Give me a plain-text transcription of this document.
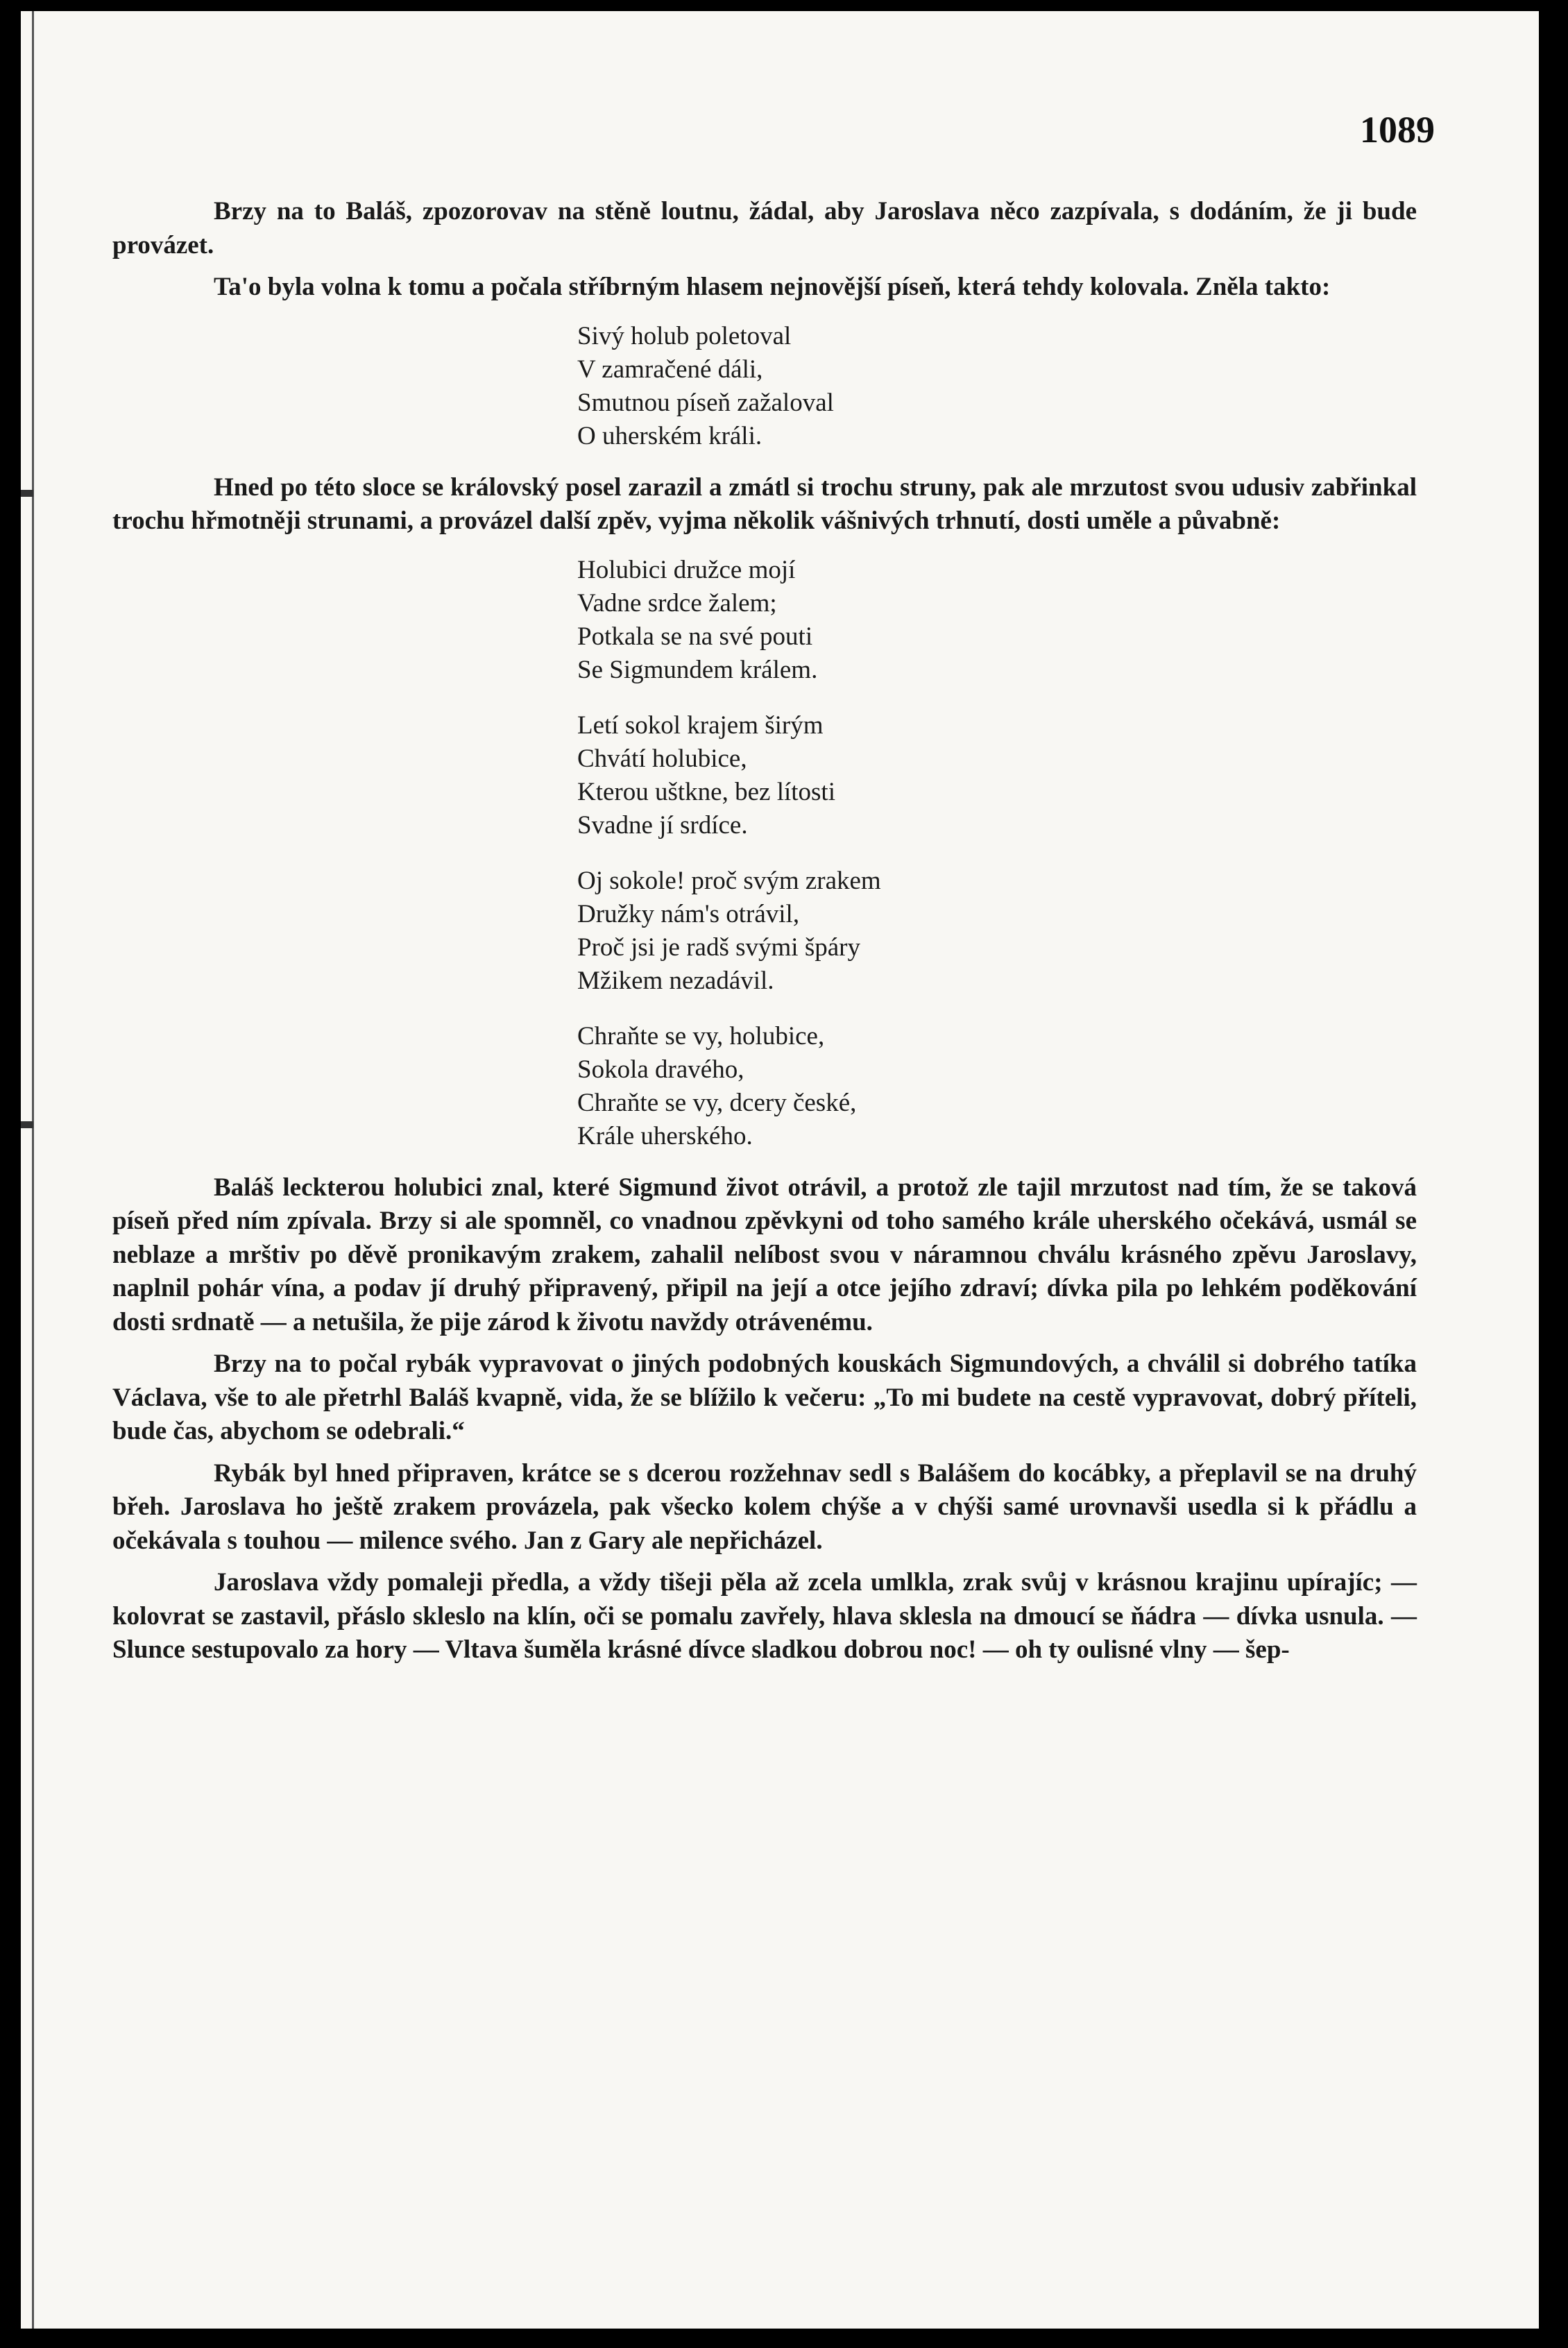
1089

Brzy na to Baláš, zpozorovav na stěně loutnu, žádal, aby Jaroslava něco zazpívala, s dodáním, že ji bude provázet.

Ta'o byla volna k tomu a počala stříbrným hlasem nejnovější píseň, která tehdy kolovala. Zněla takto:

Sivý holub poletoval
V zamračené dáli,
Smutnou píseň zažaloval
O uherském králi.

Hned po této sloce se královský posel zarazil a zmátl si trochu struny, pak ale mrzutost svou udusiv zabřinkal trochu hřmotněji strunami, a provázel další zpěv, vyjma několik vášnivých trhnutí, dosti uměle a půvabně:

Holubici družce mojí
Vadne srdce žalem;
Potkala se na své pouti
Se Sigmundem králem.
Letí sokol krajem širým
Chvátí holubice,
Kterou uštkne, bez lítosti
Svadne jí srdíce.
Oj sokole! proč svým zrakem
Družky nám's otrávil,
Proč jsi je radš svými špáry
Mžikem nezadávil.
Chraňte se vy, holubice,
Sokola dravého,
Chraňte se vy, dcery české,
Krále uherského.

Baláš leckterou holubici znal, které Sigmund život otrávil, a protož zle tajil mrzutost nad tím, že se taková píseň před ním zpívala. Brzy si ale spomněl, co vnadnou zpěvkyni od toho samého krále uherského očekává, usmál se neblaze a mrštiv po děvě pronikavým zrakem, zahalil nelíbost svou v náramnou chválu krásného zpěvu Jaroslavy, naplnil pohár vína, a podav jí druhý připravený, připil na její a otce jejího zdraví; dívka pila po lehkém poděkování dosti srdnatě — a netušila, že pije zárod k životu navždy otrávenému.

Brzy na to počal rybák vypravovat o jiných podobných kouskách Sigmundových, a chválil si dobrého tatíka Václava, vše to ale přetrhl Baláš kvapně, vida, že se blížilo k večeru: „To mi budete na cestě vypravovat, dobrý příteli, bude čas, abychom se odebrali.“

Rybák byl hned připraven, krátce se s dcerou rozžehnav sedl s Balášem do kocábky, a přeplavil se na druhý břeh. Jaroslava ho ještě zrakem provázela, pak všecko kolem chýše a v chýši samé urovnavši usedla si k přádlu a očekávala s touhou — milence svého. Jan z Gary ale nepřicházel.

Jaroslava vždy pomaleji předla, a vždy tišeji pěla až zcela umlkla, zrak svůj v krásnou krajinu upírajíc; — kolovrat se zastavil, přáslo skleslo na klín, oči se pomalu zavřely, hlava sklesla na dmoucí se ňádra — dívka usnula. — Slunce sestupovalo za hory — Vltava šuměla krásné dívce sladkou dobrou noc! — oh ty oulisné vlny — šep-
